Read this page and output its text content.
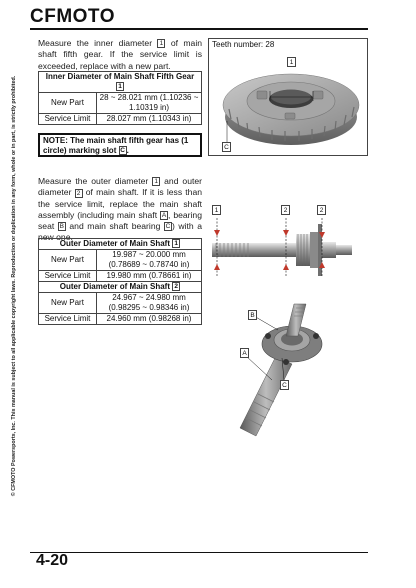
CFMOTO
© CFMOTO Powersports, Inc. This manual is subject to all applicable copyright laws. Reproduction or duplication in any form, whole or in part, is strictly prohibited.
Measure the inner diameter 1 of main shaft fifth gear. If the service limit is exceeded, replace with a new part.
Inner Diameter of Main Shaft Fifth Gear
1	
New Part	28 ~ 28.021 mm (1.10236 ~ 1.10319 in)
Service Limit	28.027 mm (1.10343 in)
NOTE: The main shaft fifth gear has (1 circle) marking slot C .
Teeth number: 28
1
C
Measure the outer diameter 1 and outer diameter 2 of main shaft. If it is less than the service limit, replace the main shaft assembly (including main shaft A , bearing seat B and main shaft bearing C ) with a new one.
Outer Diameter of Main Shaft 1	
New Part	19.987 ~ 20.000 mm
(0.78689 ~ 0.78740 in)
Service Limit	19.980 mm (0.78661 in)
Outer Diameter of Main Shaft 2	
New Part	24.967 ~ 24.980 mm
(0.98295 ~ 0.98346 in)
Service Limit	24.960 mm (0.98268 in)
1	2	2
B
A
C
4-20
